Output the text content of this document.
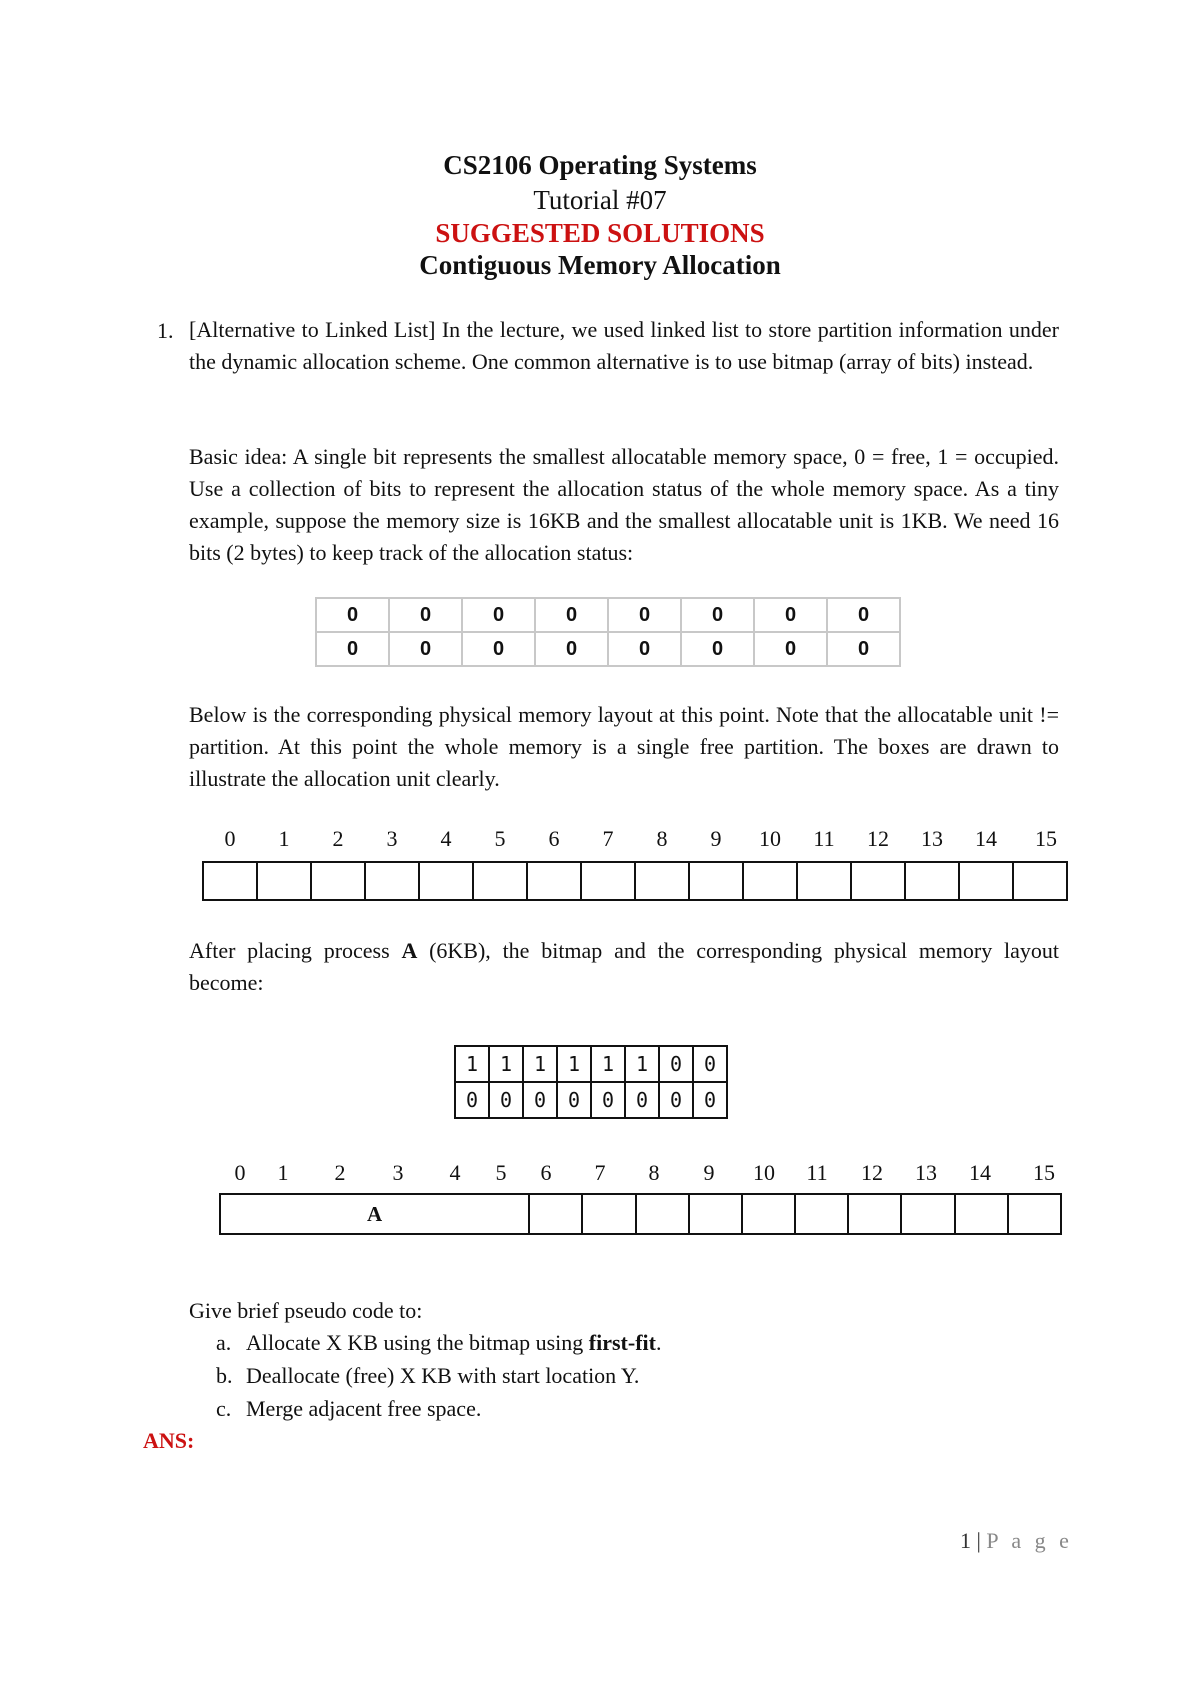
CS2106 Operating Systems
Tutorial #07
SUGGESTED SOLUTIONS
Contiguous Memory Allocation
1. [Alternative to Linked List] In the lecture, we used linked list to store partition information under the dynamic allocation scheme. One common alternative is to use bitmap (array of bits) instead.
Basic idea: A single bit represents the smallest allocatable memory space, 0 = free, 1 = occupied. Use a collection of bits to represent the allocation status of the whole memory space. As a tiny example, suppose the memory size is 16KB and the smallest allocatable unit is 1KB. We need 16 bits (2 bytes) to keep track of the allocation status:
0	0	0	0	0	0	0	0
0	0	0	0	0	0	0	0
Below is the corresponding physical memory layout at this point. Note that the allocatable unit != partition. At this point the whole memory is a single free partition. The boxes are drawn to illustrate the allocation unit clearly.
0	1	2	3	4	5	6	7	8	9	10	11	12	13	14	15
After placing process A (6KB), the bitmap and the corresponding physical memory layout become:
1	1	1	1	1	1	0	0
0	0	0	0	0	0	0	0
0	1	2	3	4	5	6	7	8	9	10	11	12	13	14	15
A
Give brief pseudo code to:
a. Allocate X KB using the bitmap using first-fit.
b. Deallocate (free) X KB with start location Y.
c. Merge adjacent free space.
ANS:
1 | P a g e
